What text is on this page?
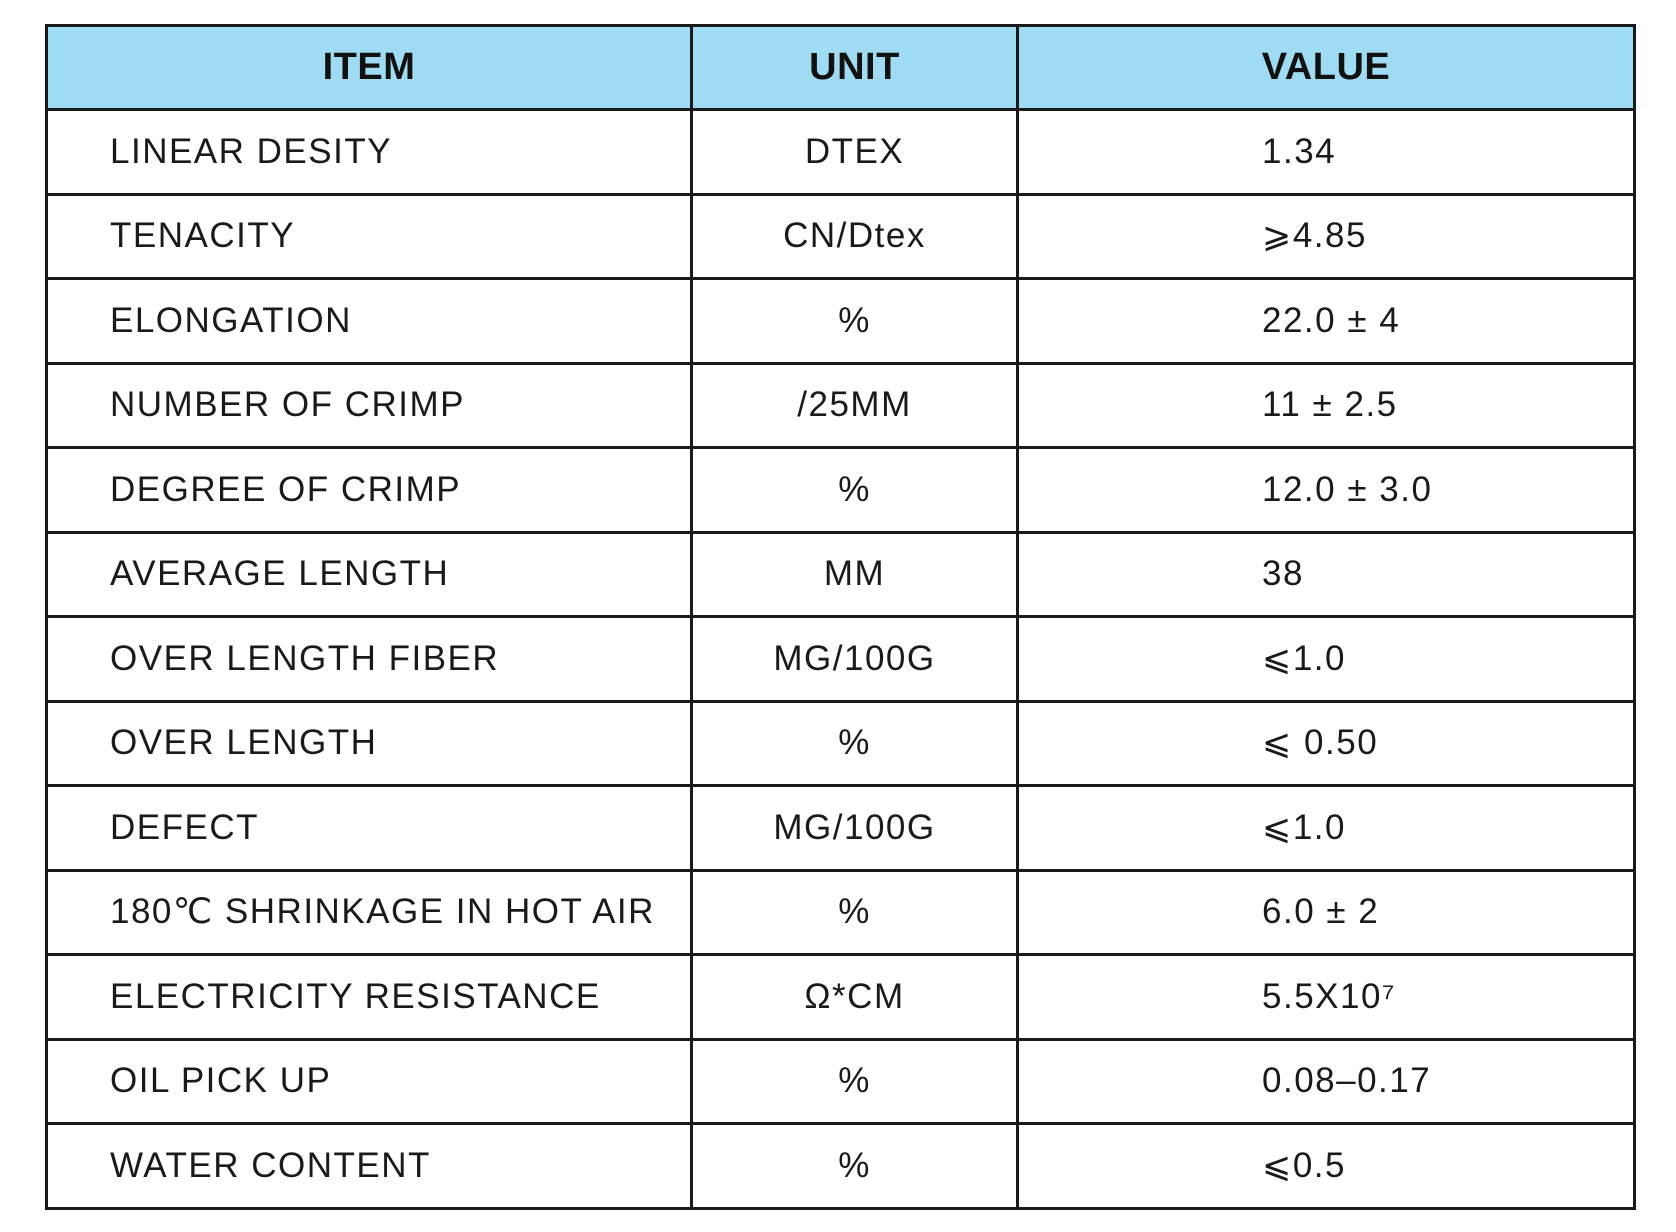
ITEM	UNIT	VALUE
LINEAR DESITY	DTEX	1.34
TENACITY	CN/Dtex	⩾4.85
ELONGATION	%	22.0 ± 4
NUMBER OF CRIMP	/25MM	11 ± 2.5
DEGREE OF CRIMP	%	12.0 ± 3.0
AVERAGE LENGTH	MM	38
OVER LENGTH FIBER	MG/100G	⩽1.0
OVER LENGTH	%	⩽ 0.50
DEFECT	MG/100G	⩽1.0
180℃ SHRINKAGE IN HOT AIR	%	6.0 ± 2
ELECTRICITY RESISTANCE	Ω*CM	5.5X10⁷
OIL PICK UP	%	0.08–0.17
WATER CONTENT	%	⩽0.5
